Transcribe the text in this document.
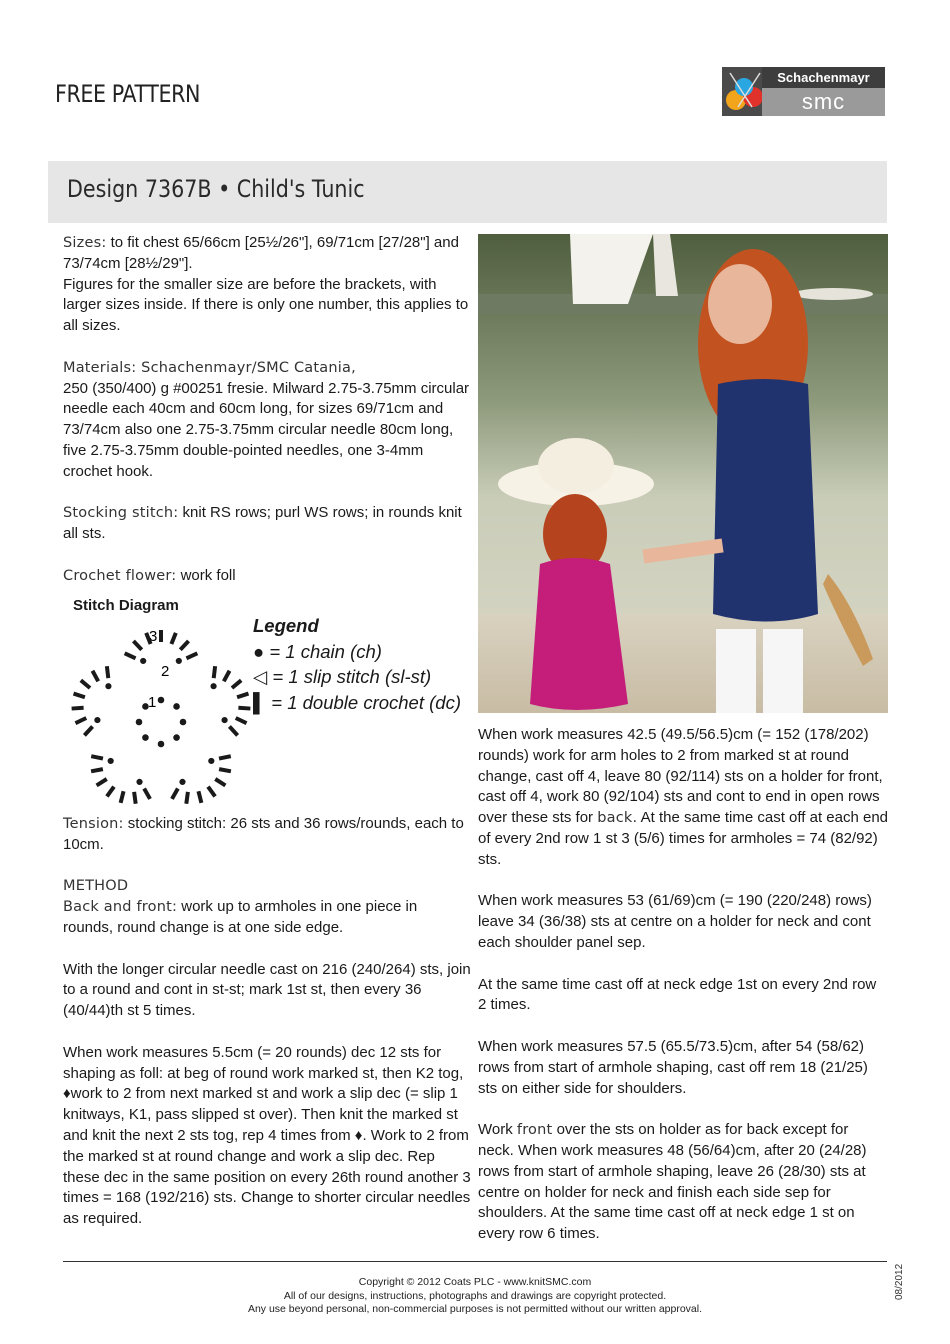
FREE PATTERN
Schachenmayr
smc
Design 7367B • Child's Tunic

Sizes: to fit chest 65/66cm [25½/26"], 69/71cm [27/28"] and 73/74cm [28½/29"].
Figures for the smaller size are before the brackets, with larger sizes inside. If there is only one number, this applies to all sizes.

Materials: Schachenmayr/SMC Catania,
250 (350/400) g #00251 fresie. Milward 2.75-3.75mm circular needle each 40cm and 60cm long, for sizes 69/71cm and 73/74cm also one 2.75-3.75mm circular needle 80cm long, five 2.75-3.75mm double-pointed needles, one 3-4mm crochet hook.

Stocking stitch: knit RS rows; purl WS rows; in rounds knit all sts.

Crochet flower: work foll

Stitch Diagram
3
2
1
Legend
● = 1 chain (ch)
◁ = 1 slip stitch (sl-st)
▌ = 1 double crochet (dc)

Tension: stocking stitch: 26 sts and 36 rows/rounds, each to 10cm.

METHOD
Back and front: work up to armholes in one piece in rounds, round change is at one side edge.

With the longer circular needle cast on 216 (240/264) sts, join to a round and cont in st-st; mark 1st st, then every 36 (40/44)th st 5 times.

When work measures 5.5cm (= 20 rounds) dec 12 sts for shaping as foll: at beg of round work marked st, then K2 tog, ♦work to 2 from next marked st and work a slip dec (= slip 1 knitways, K1, pass slipped st over). Then knit the marked st and knit the next 2 sts tog, rep 4 times from ♦. Work to 2 from the marked st at round change and work a slip dec. Rep these dec in the same position on every 26th round another 3 times = 168 (192/216) sts. Change to shorter circular needles as required.

When work measures 42.5 (49.5/56.5)cm (= 152 (178/202) rounds) work for arm holes to 2 from marked st at round change, cast off 4, leave 80 (92/114) sts on a holder for front, cast off 4, work 80 (92/104) sts and cont to end in open rows over these sts for back. At the same time cast off at each end of every 2nd row 1 st 3 (5/6) times for armholes = 74 (82/92) sts.

When work measures 53 (61/69)cm (= 190 (220/248) rows) leave 34 (36/38) sts at centre on a holder for neck and cont each shoulder panel sep.

At the same time cast off at neck edge 1st on every 2nd row 2 times.

When work measures 57.5 (65.5/73.5)cm, after 54 (58/62) rows from start of armhole shaping, cast off rem 18 (21/25) sts on either side for shoulders.

Work front over the sts on holder as for back except for neck. When work measures 48 (56/64)cm, after 20 (24/28) rows from start of armhole shaping, leave 26 (28/30) sts at centre on holder for neck and finish each side sep for shoulders. At the same time cast off at neck edge 1 st on every row 6 times.

Copyright © 2012 Coats PLC - www.knitSMC.com
All of our designs, instructions, photographs and drawings are copyright protected.
Any use beyond personal, non-commercial purposes is not permitted without our written approval.
08/2012
